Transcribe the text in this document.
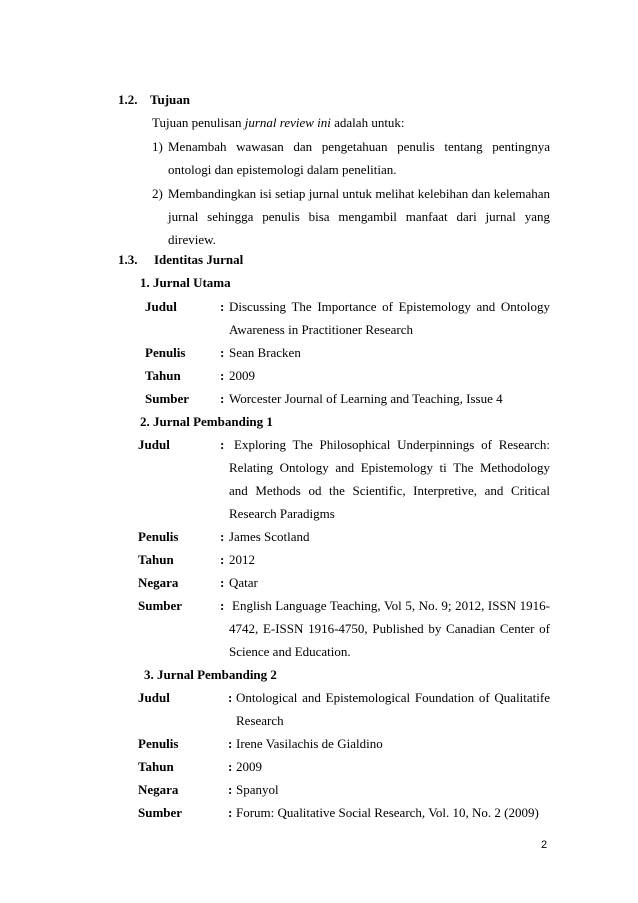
1.2. Tujuan
Tujuan penulisan jurnal review ini adalah untuk:
1) Menambah wawasan dan pengetahuan penulis tentang pentingnya
ontologi dan epistemologi dalam penelitian.
2) Membandingkan isi setiap jurnal untuk melihat kelebihan dan kelemahan
jurnal sehingga penulis bisa mengambil manfaat dari jurnal yang
direview.
1.3. Identitas Jurnal
1. Jurnal Utama
Judul	: Discussing The Importance of Epistemology and Ontology
Awareness in Practitioner Research
Penulis	: Sean Bracken
Tahun	: 2009
Sumber : Worcester Journal of Learning and Teaching, Issue 4
2. Jurnal Pembanding 1
Judul	: Exploring The Philosophical Underpinnings of Research:
Relating Ontology and Epistemology ti The Methodology
and Methods od the Scientific, Interpretive, and Critical
Research Paradigms
Penulis	: James Scotland
Tahun	: 2012
Negara	: Qatar
Sumber	: English Language Teaching, Vol 5, No. 9; 2012, ISSN 1916-
4742, E-ISSN 1916-4750, Published by Canadian Center of
Science and Education.
3. Jurnal Pembanding 2
Judul	: Ontological and Epistemological Foundation of Qualitatife
Research
Penulis	: Irene Vasilachis de Gialdino
Tahun	: 2009
Negara	: Spanyol
Sumber	: Forum: Qualitative Social Research, Vol. 10, No. 2 (2009)
2
